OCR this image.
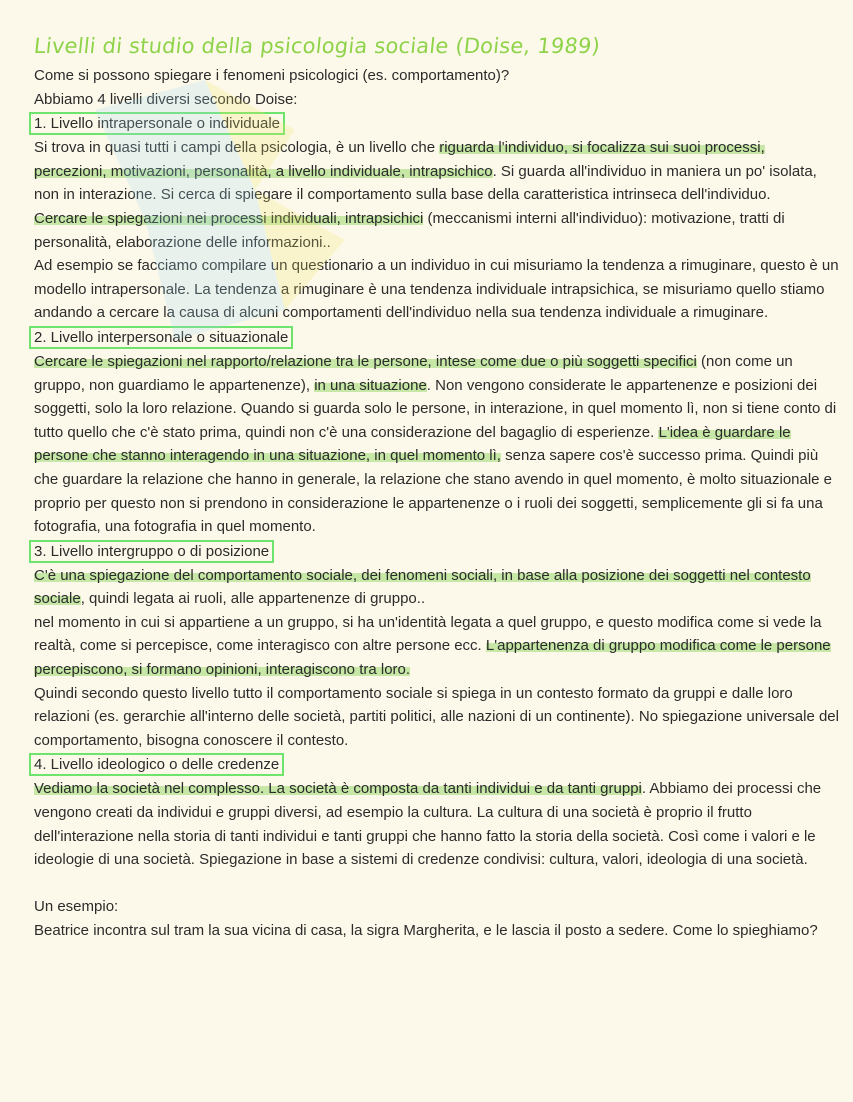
Livelli di studio della psicologia sociale (Doise, 1989)

Come si possono spiegare i fenomeni psicologici (es. comportamento)?

Abbiamo 4 livelli diversi secondo Doise:

1. Livello intrapersonale o individuale

Si trova in quasi tutti i campi della psicologia, è un livello che riguarda l'individuo, si focalizza sui suoi processi, percezioni, motivazioni, personalità, a livello individuale, intrapsichico. Si guarda all'individuo in maniera un po' isolata, non in interazione. Si cerca di spiegare il comportamento sulla base della caratteristica intrinseca dell'individuo.

Cercare le spiegazioni nei processi individuali, intrapsichici (meccanismi interni all'individuo): motivazione, tratti di personalità, elaborazione delle informazioni..

Ad esempio se facciamo compilare un questionario a un individuo in cui misuriamo la tendenza a rimuginare, questo è un modello intrapersonale. La tendenza a rimuginare è una tendenza individuale intrapsichica, se misuriamo quello stiamo andando a cercare la causa di alcuni comportamenti dell'individuo nella sua tendenza individuale a rimuginare.

2. Livello interpersonale o situazionale

Cercare le spiegazioni nel rapporto/relazione tra le persone, intese come due o più soggetti specifici (non come un gruppo, non guardiamo le appartenenze), in una situazione. Non vengono considerate le appartenenze e posizioni dei soggetti, solo la loro relazione. Quando si guarda solo le persone, in interazione, in quel momento lì, non si tiene conto di tutto quello che c'è stato prima, quindi non c'è una considerazione del bagaglio di esperienze. L'idea è guardare le persone che stanno interagendo in una situazione, in quel momento lì, senza sapere cos'è successo prima. Quindi più che guardare la relazione che hanno in generale, la relazione che stano avendo in quel momento, è molto situazionale e proprio per questo non si prendono in considerazione le appartenenze o i ruoli dei soggetti, semplicemente gli si fa una fotografia, una fotografia in quel momento.

3. Livello intergruppo o di posizione

C'è una spiegazione del comportamento sociale, dei fenomeni sociali, in base alla posizione dei soggetti nel contesto sociale, quindi legata ai ruoli, alle appartenenze di gruppo..

nel momento in cui si appartiene a un gruppo, si ha un'identità legata a quel gruppo, e questo modifica come si vede la realtà, come si percepisce, come interagisco con altre persone ecc. L'appartenenza di gruppo modifica come le persone percepiscono, si formano opinioni, interagiscono tra loro.

Quindi secondo questo livello tutto il comportamento sociale si spiega in un contesto formato da gruppi e dalle loro relazioni (es. gerarchie all'interno delle società, partiti politici, alle nazioni di un continente). No spiegazione universale del comportamento, bisogna conoscere il contesto.

4. Livello ideologico o delle credenze

Vediamo la società nel complesso. La società è composta da tanti individui e da tanti gruppi. Abbiamo dei processi che vengono creati da individui e gruppi diversi, ad esempio la cultura. La cultura di una società è proprio il frutto dell'interazione nella storia di tanti individui e tanti gruppi che hanno fatto la storia della società. Così come i valori e le ideologie di una società. Spiegazione in base a sistemi di credenze condivisi: cultura, valori, ideologia di una società.

Un esempio:

Beatrice incontra sul tram la sua vicina di casa, la sigra Margherita, e le lascia il posto a sedere. Come lo spieghiamo?
